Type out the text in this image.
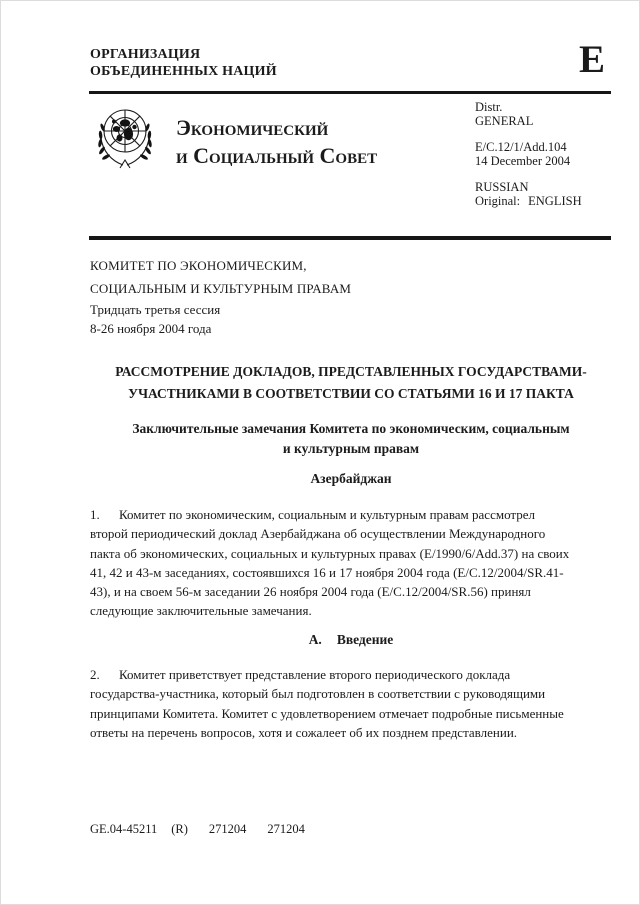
ОРГАНИЗАЦИЯ
ОБЪЕДИНЕННЫХ НАЦИЙ	E
Экономический
и Социальный Совет
Distr.
GENERAL
E/C.12/1/Add.104
14 December 2004
RUSSIAN
Original: ENGLISH
КОМИТЕТ ПО ЭКОНОМИЧЕСКИМ,
СОЦИАЛЬНЫМ И КУЛЬТУРНЫМ ПРАВАМ
Тридцать третья сессия
8-26 ноября 2004 года
РАССМОТРЕНИЕ ДОКЛАДОВ, ПРЕДСТАВЛЕННЫХ ГОСУДАРСТВАМИ-
УЧАСТНИКАМИ В СООТВЕТСТВИИ СО СТАТЬЯМИ 16 И 17 ПАКТА
Заключительные замечания Комитета по экономическим, социальным
и культурным правам
Азербайджан
1. Комитет по экономическим, социальным и культурным правам рассмотрел второй периодический доклад Азербайджана об осуществлении Международного пакта об экономических, социальных и культурных правах (E/1990/6/Add.37) на своих 41, 42 и 43-м заседаниях, состоявшихся 16 и 17 ноября 2004 года (E/C.12/2004/SR.41-43), и на своем 56-м заседании 26 ноября 2004 года (E/C.12/2004/SR.56) принял следующие заключительные замечания.
A. Введение
2. Комитет приветствует представление второго периодического доклада государства-участника, который был подготовлен в соответствии с руководящими принципами Комитета. Комитет с удовлетворением отмечает подробные письменные ответы на перечень вопросов, хотя и сожалеет об их позднем представлении.
GE.04-45211 (R) 271204 271204
